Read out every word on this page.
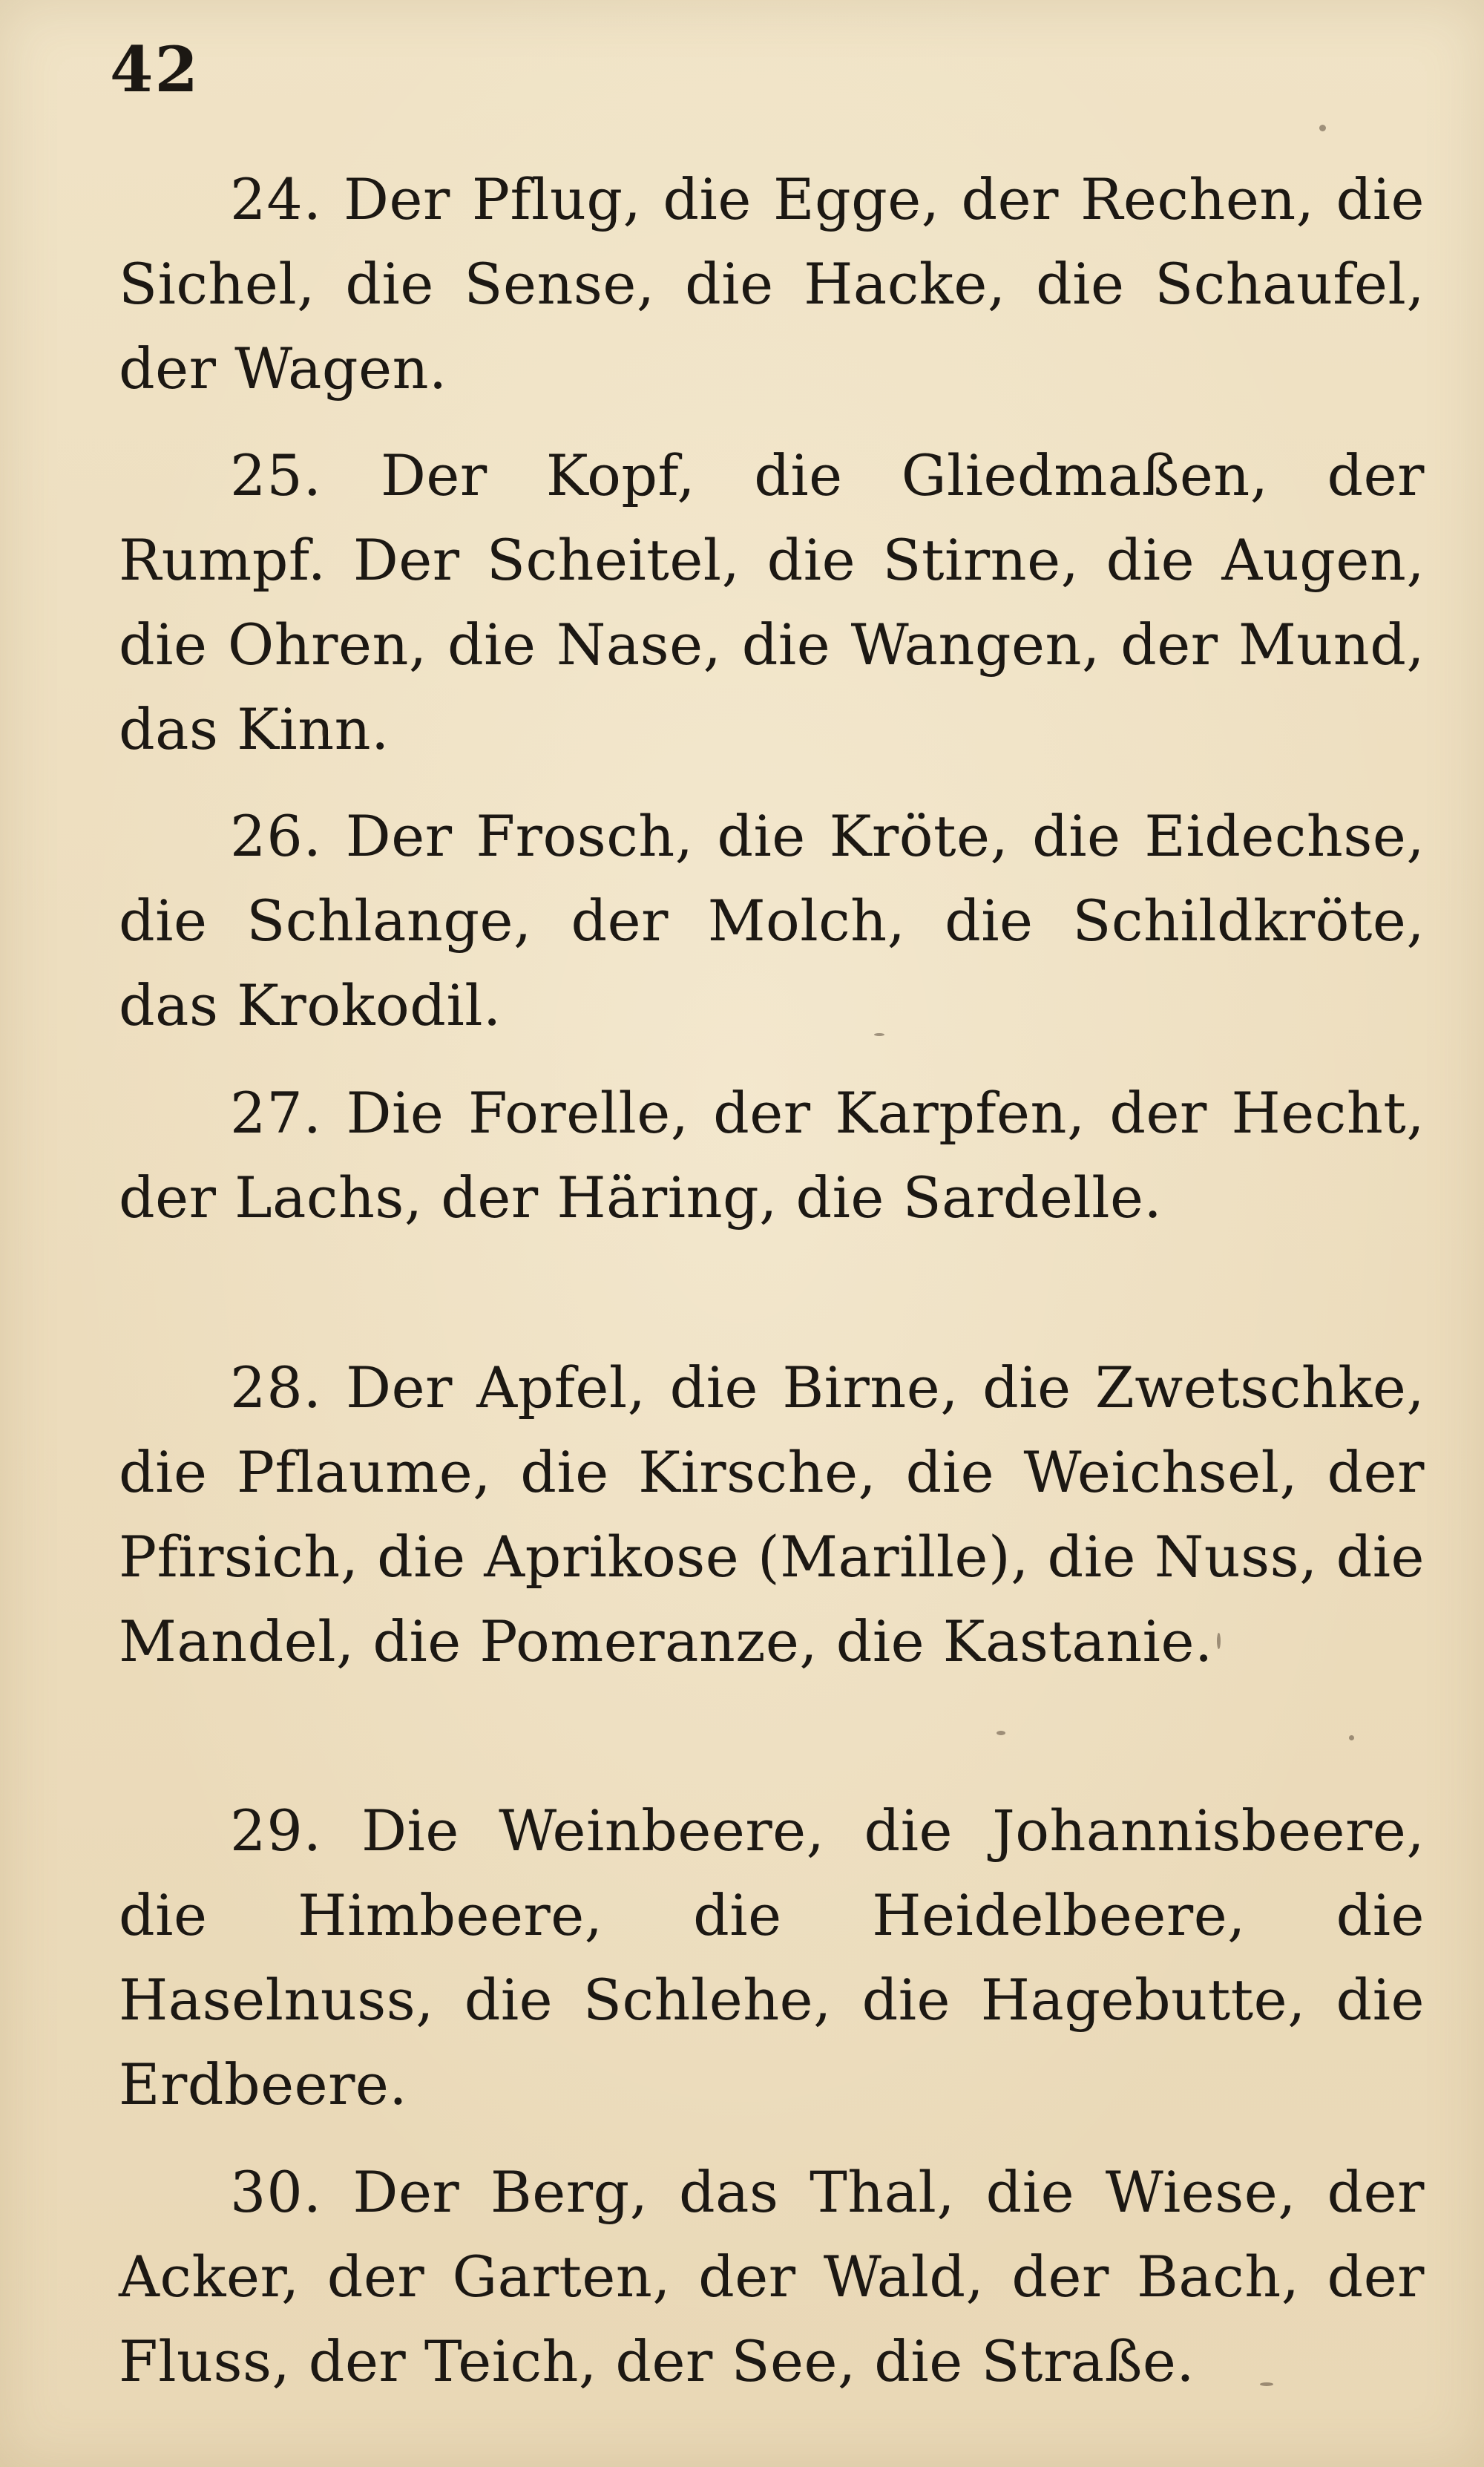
42

24. Der Pflug, die Egge, der Rechen, die Sichel, die Sense, die Hacke, die Schaufel, der Wagen.

25. Der Kopf, die Gliedmaßen, der Rumpf. Der Scheitel, die Stirne, die Augen, die Ohren, die Nase, die Wangen, der Mund, das Kinn.

26. Der Frosch, die Kröte, die Eidechse, die Schlange, der Molch, die Schildkröte, das Krokodil.

27. Die Forelle, der Karpfen, der Hecht, der Lachs, der Häring, die Sardelle.

28. Der Apfel, die Birne, die Zwetschke, die Pflaume, die Kirsche, die Weichsel, der Pfirsich, die Aprikose (Marille), die Nuss, die Mandel, die Pomeranze, die Kastanie.

29. Die Weinbeere, die Johannisbeere, die Himbeere, die Heidelbeere, die Haselnuss, die Schlehe, die Hagebutte, die Erdbeere.

30. Der Berg, das Thal, die Wiese, der Acker, der Garten, der Wald, der Bach, der Fluss, der Teich, der See, die Straße.
